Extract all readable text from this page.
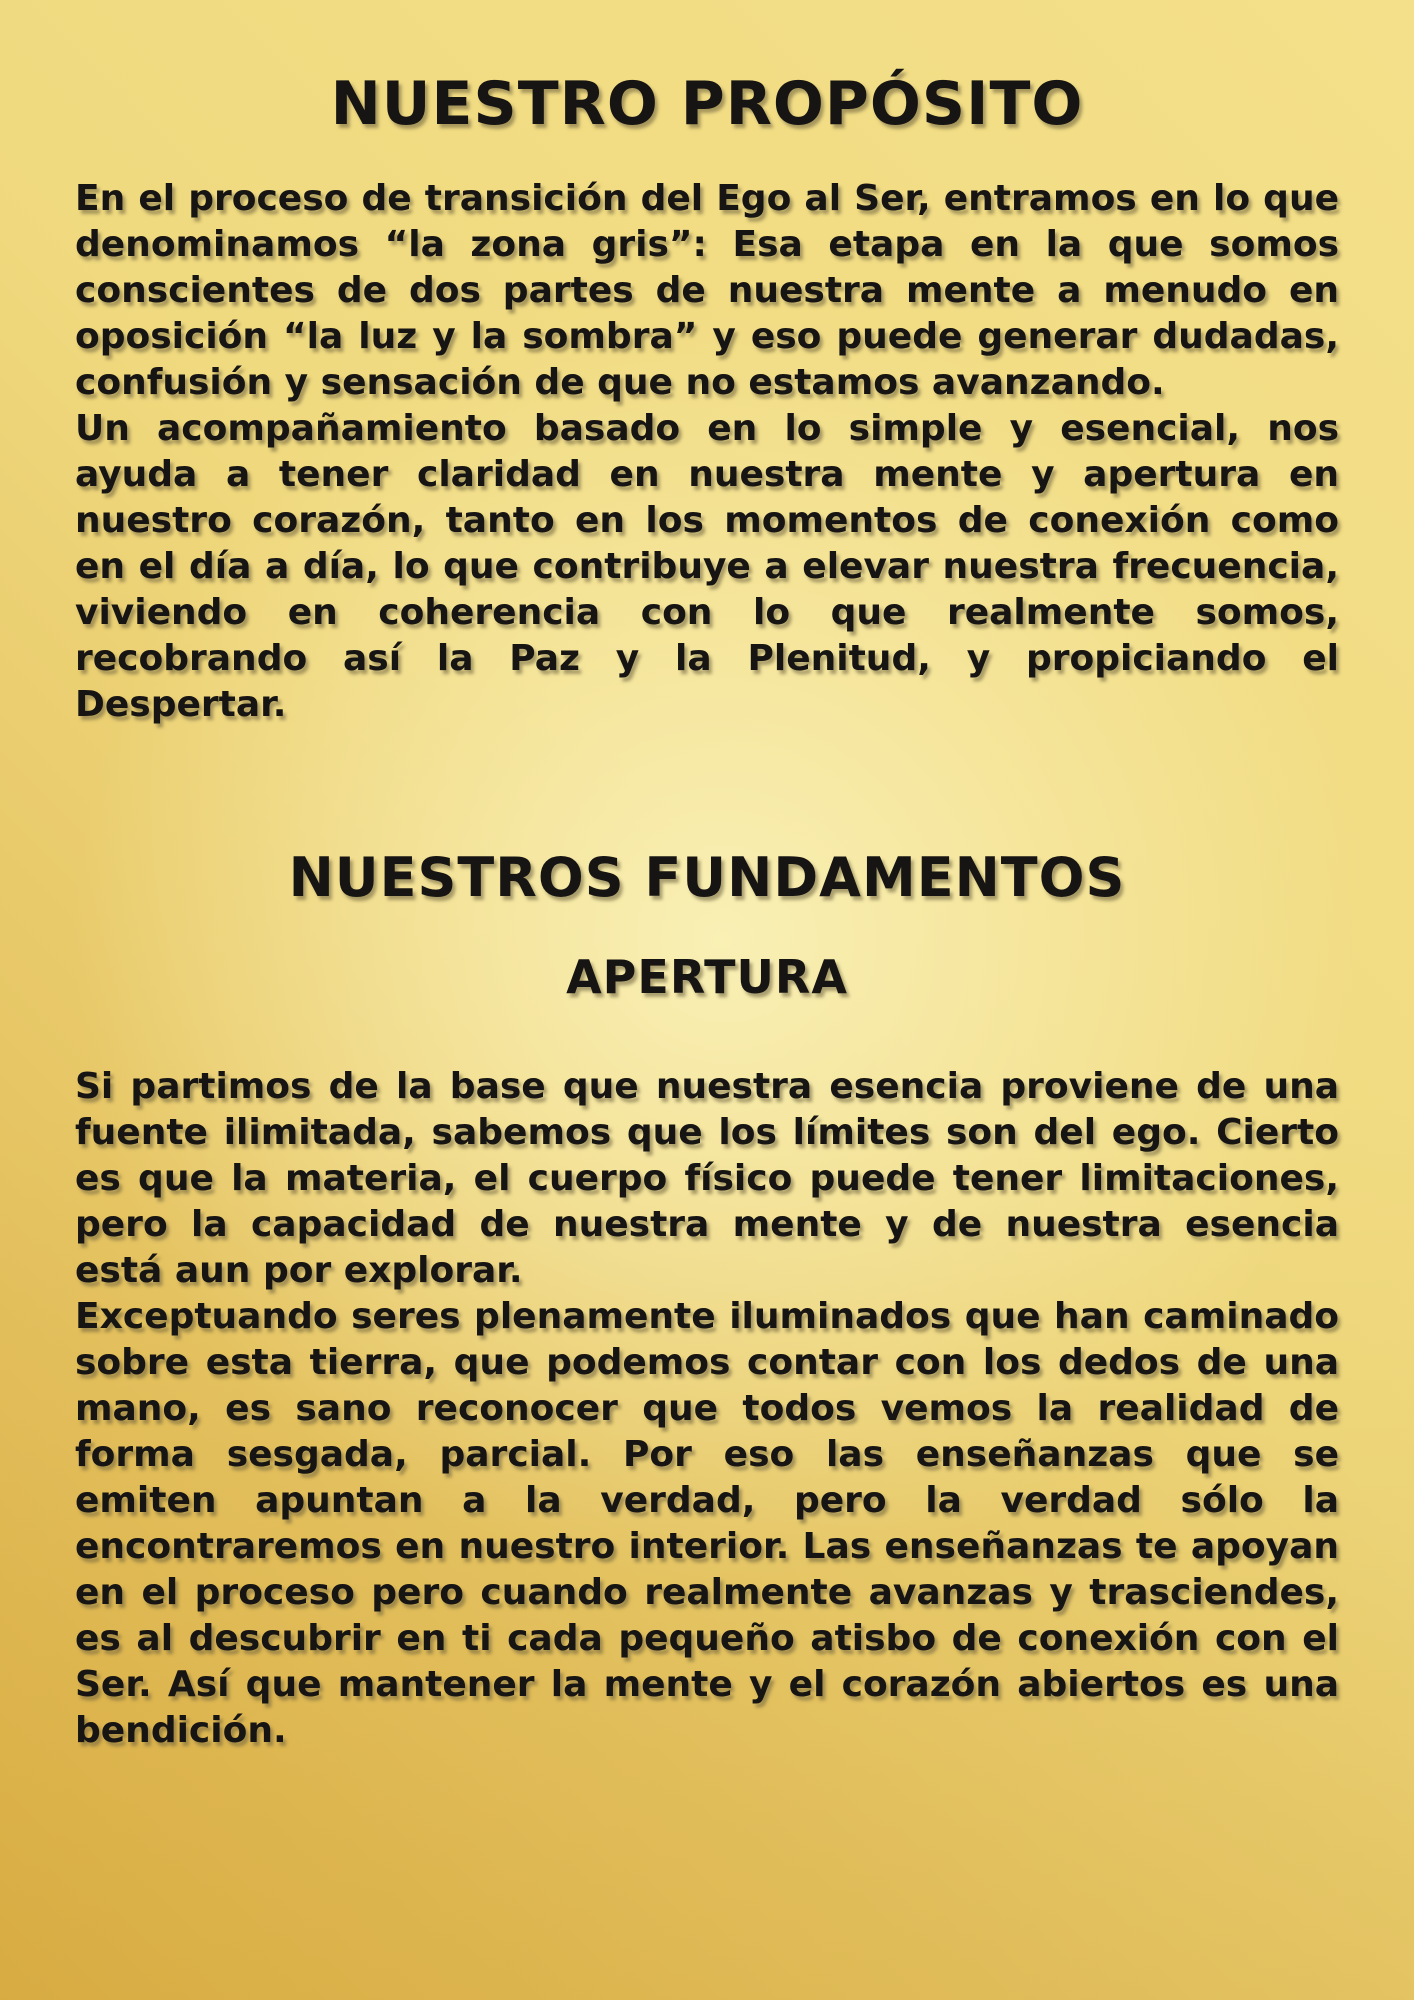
NUESTRO PROPÓSITO

En el proceso de transición del Ego al Ser, entramos en lo que denominamos “la zona gris”: Esa etapa en la que somos conscientes de dos partes de nuestra mente a menudo en oposición “la luz y la sombra” y eso puede generar dudadas, confusión y sensación de que no estamos avanzando.

Un acompañamiento basado en lo simple y esencial, nos ayuda a tener claridad en nuestra mente y apertura en nuestro corazón, tanto en los momentos de conexión como en el día a día, lo que contribuye a elevar nuestra frecuencia, viviendo en coherencia con lo que realmente somos, recobrando así la Paz y la Plenitud, y propiciando el Despertar.

NUESTROS FUNDAMENTOS
APERTURA

Si partimos de la base que nuestra esencia proviene de una fuente ilimitada, sabemos que los límites son del ego. Cierto es que la materia, el cuerpo físico puede tener limitaciones, pero la capacidad de nuestra mente y de nuestra esencia está aun por explorar.

Exceptuando seres plenamente iluminados que han caminado sobre esta tierra, que podemos contar con los dedos de una mano, es sano reconocer que todos vemos la realidad de forma sesgada, parcial. Por eso las enseñanzas que se emiten apuntan a la verdad, pero la verdad sólo la encontraremos en nuestro interior. Las enseñanzas te apoyan en el proceso pero cuando realmente avanzas y trasciendes, es al descubrir en ti cada pequeño atisbo de conexión con el Ser. Así que mantener la mente y el corazón abiertos es una bendición.
